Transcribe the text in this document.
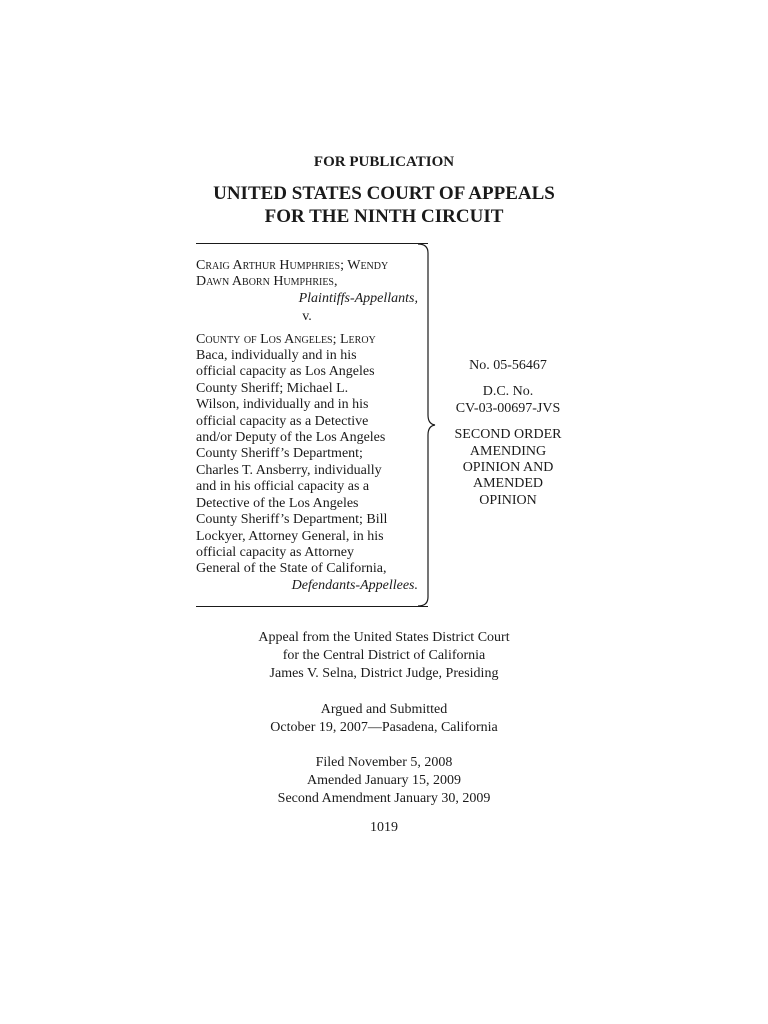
FOR PUBLICATION
UNITED STATES COURT OF APPEALS
FOR THE NINTH CIRCUIT

Craig Arthur Humphries; Wendy

Dawn Aborn Humphries,

Plaintiffs-Appellants,

v.

County of Los Angeles; Leroy

Baca, individually and in his

official capacity as Los Angeles

County Sheriff; Michael L.

Wilson, individually and in his

official capacity as a Detective

and/or Deputy of the Los Angeles

County Sheriff’s Department;

Charles T. Ansberry, individually

and in his official capacity as a

Detective of the Los Angeles

County Sheriff’s Department; Bill

Lockyer, Attorney General, in his

official capacity as Attorney

General of the State of California,

Defendants-Appellees.

No. 05-56467
D.C. No.
CV-03-00697-JVS
SECOND ORDER
AMENDING
OPINION AND
AMENDED
OPINION
Appeal from the United States District Court
for the Central District of California
James V. Selna, District Judge, Presiding
Argued and Submitted
October 19, 2007—Pasadena, California
Filed November 5, 2008
Amended January 15, 2009
Second Amendment January 30, 2009
1019
